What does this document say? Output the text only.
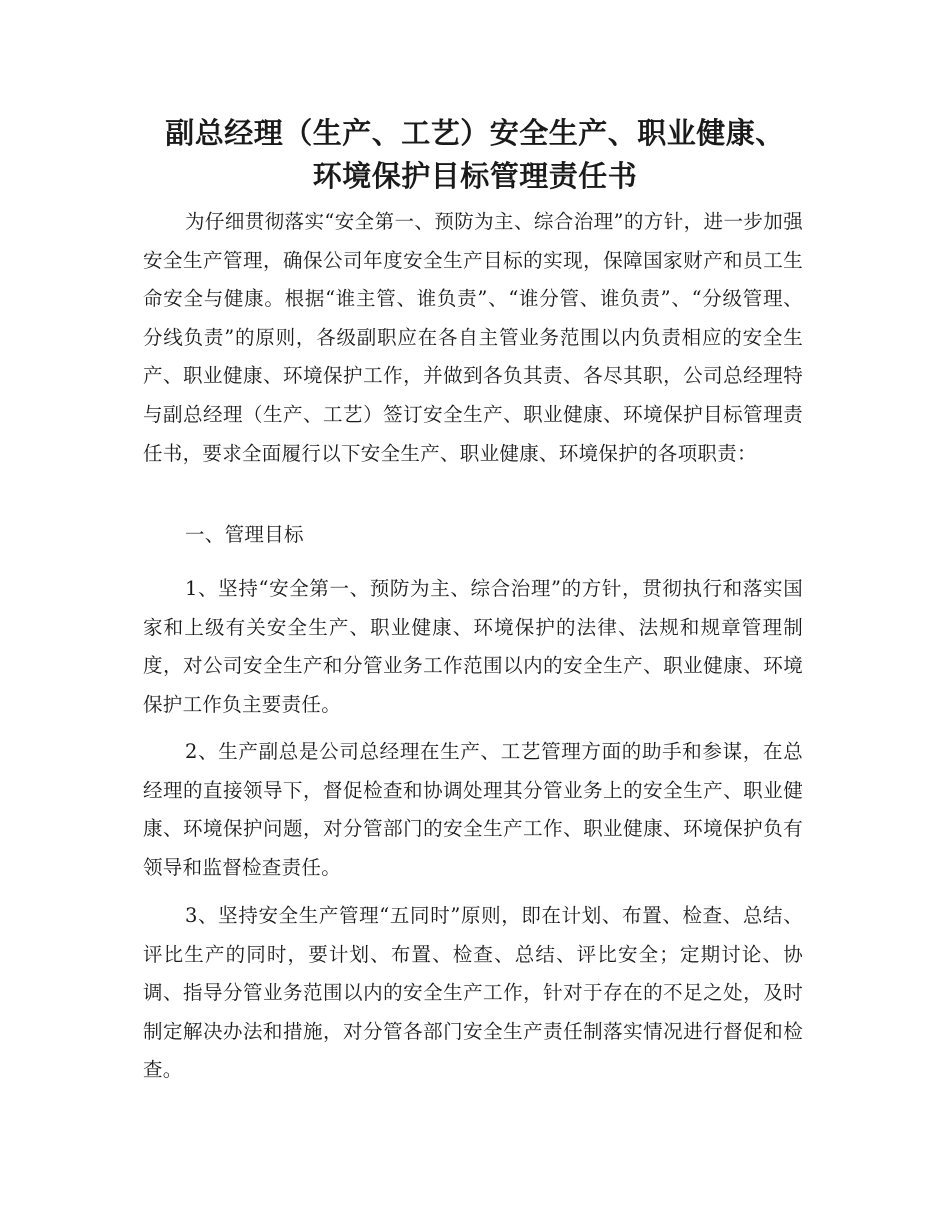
副总经理（生产、工艺）安全生产、职业健康、
环境保护目标管理责任书

为仔细贯彻落实“安全第一、预防为主、综合治理”的方针，进一步加强安全生产管理，确保公司年度安全生产目标的实现，保障国家财产和员工生命安全与健康。根据“谁主管、谁负责”、“谁分管、谁负责”、“分级管理、分线负责”的原则，各级副职应在各自主管业务范围以内负责相应的安全生产、职业健康、环境保护工作，并做到各负其责、各尽其职，公司总经理特与副总经理（生产、工艺）签订安全生产、职业健康、环境保护目标管理责任书，要求全面履行以下安全生产、职业健康、环境保护的各项职责：

一、管理目标

1、坚持“安全第一、预防为主、综合治理”的方针，贯彻执行和落实国家和上级有关安全生产、职业健康、环境保护的法律、法规和规章管理制度，对公司安全生产和分管业务工作范围以内的安全生产、职业健康、环境保护工作负主要责任。

2、生产副总是公司总经理在生产、工艺管理方面的助手和参谋，在总经理的直接领导下，督促检查和协调处理其分管业务上的安全生产、职业健康、环境保护问题，对分管部门的安全生产工作、职业健康、环境保护负有领导和监督检查责任。

3、坚持安全生产管理“五同时”原则，即在计划、布置、检查、总结、评比生产的同时，要计划、布置、检查、总结、评比安全；定期讨论、协调、指导分管业务范围以内的安全生产工作，针对于存在的不足之处，及时制定解决办法和措施，对分管各部门安全生产责任制落实情况进行督促和检查。
